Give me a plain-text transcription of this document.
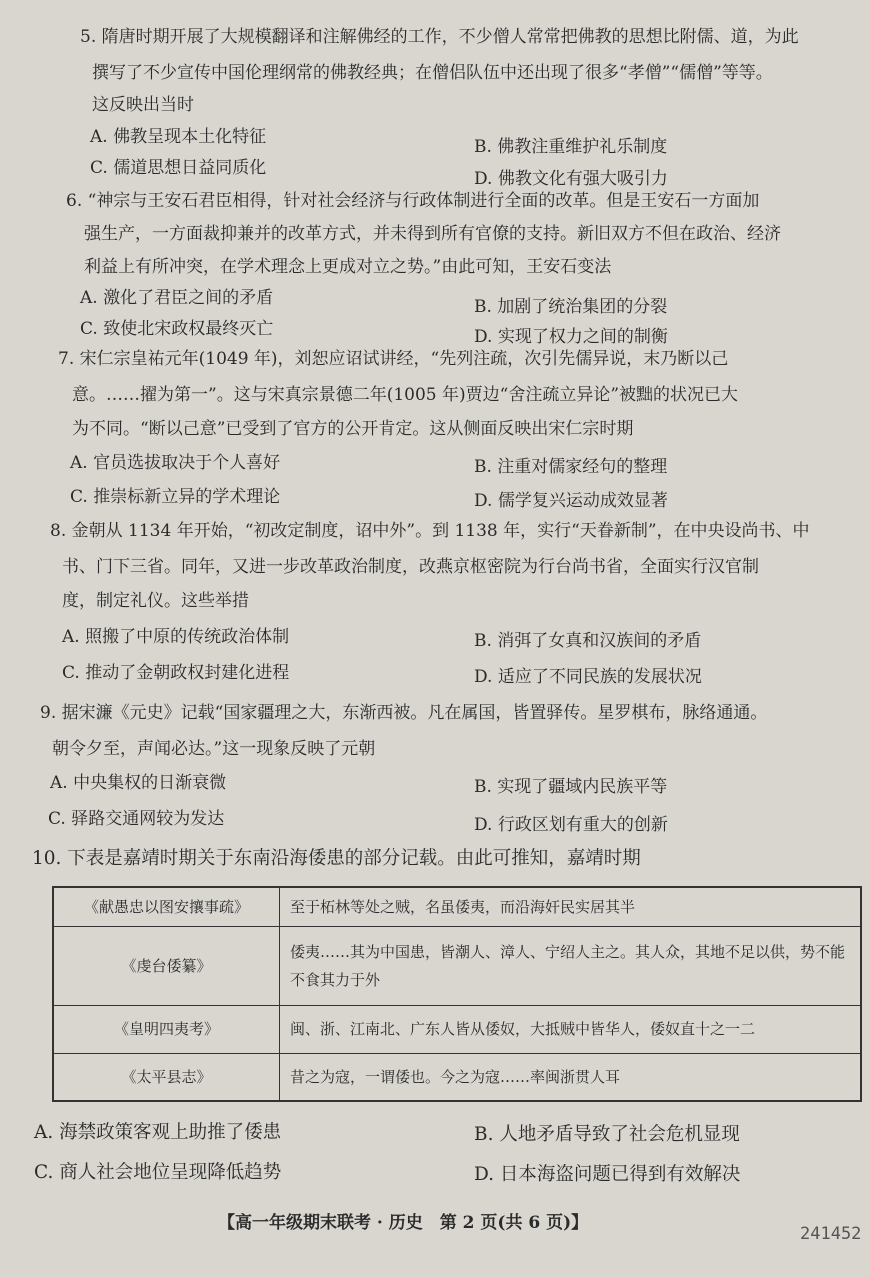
5. 隋唐时期开展了大规模翻译和注解佛经的工作，不少僧人常常把佛教的思想比附儒、道，为此
撰写了不少宣传中国伦理纲常的佛教经典；在僧侣队伍中还出现了很多“孝僧”“儒僧”等等。
这反映出当时
A. 佛教呈现本土化特征	B. 佛教注重维护礼乐制度
C. 儒道思想日益同质化
D. 佛教文化有强大吸引力
6. “神宗与王安石君臣相得，针对社会经济与行政体制进行全面的改革。但是王安石一方面加
强生产，一方面裁抑兼并的改革方式，并未得到所有官僚的支持。新旧双方不但在政治、经济
利益上有所冲突，在学术理念上更成对立之势。”由此可知，王安石变法
A. 激化了君臣之间的矛盾	B. 加剧了统治集团的分裂
C. 致使北宋政权最终灭亡	D. 实现了权力之间的制衡
7. 宋仁宗皇祐元年(1049 年)，刘恕应诏试讲经，“先列注疏，次引先儒异说，末乃断以己
意。……擢为第一”。这与宋真宗景德二年(1005 年)贾边“舍注疏立异论”被黜的状况已大
为不同。“断以己意”已受到了官方的公开肯定。这从侧面反映出宋仁宗时期
A. 官员选拔取决于个人喜好	B. 注重对儒家经句的整理
C. 推崇标新立异的学术理论	D. 儒学复兴运动成效显著
8. 金朝从 1134 年开始，“初改定制度，诏中外”。到 1138 年，实行“天眷新制”，在中央设尚书、中
书、门下三省。同年，又进一步改革政治制度，改燕京枢密院为行台尚书省，全面实行汉官制
度，制定礼仪。这些举措
A. 照搬了中原的传统政治体制	B. 消弭了女真和汉族间的矛盾
C. 推动了金朝政权封建化进程	D. 适应了不同民族的发展状况
9. 据宋濂《元史》记载“国家疆理之大，东渐西被。凡在属国，皆置驿传。星罗棋布，脉络通通。
朝令夕至，声闻必达。”这一现象反映了元朝
A. 中央集权的日渐衰微	B. 实现了疆域内民族平等
C. 驿路交通网较为发达	D. 行政区划有重大的创新
10. 下表是嘉靖时期关于东南沿海倭患的部分记载。由此可推知，嘉靖时期
《献愚忠以图安攘事疏》	至于柘林等处之贼，名虽倭夷，而沿海奸民实居其半
《虔台倭纂》	倭夷……其为中国患，皆潮人、漳人、宁绍人主之。其人众，其地不足以供，势不能不食其力于外
《皇明四夷考》	闽、浙、江南北、广东人皆从倭奴，大抵贼中皆华人，倭奴直十之一二
《太平县志》	昔之为寇，一谓倭也。今之为寇……率闽浙贯人耳
A. 海禁政策客观上助推了倭患	B. 人地矛盾导致了社会危机显现
C. 商人社会地位呈现降低趋势	D. 日本海盗问题已得到有效解决
【高一年级期末联考 · 历史　第 2 页(共 6 页)】
241452
